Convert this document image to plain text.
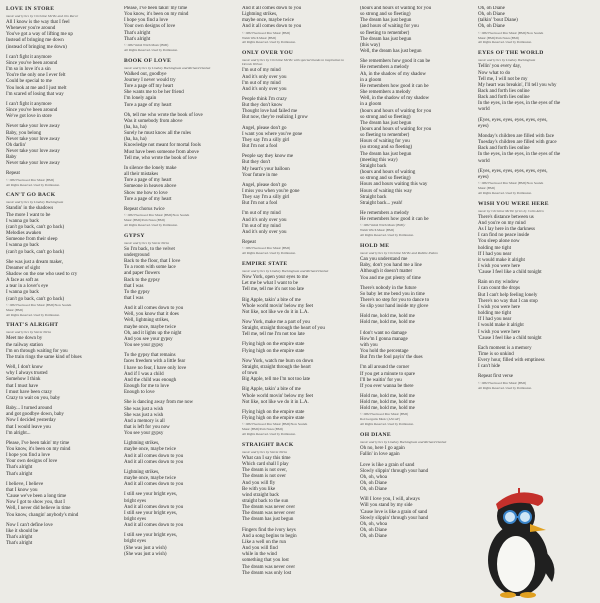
LOVE IN STORE
music and lyrics by Christine McVie and Jim Recor
All I know is the way that I feel
Whenever you're around
You've got a way of lifting me up
Instead of bringing me down
(instead of bringing me down)
I can't fight it anymore
Since you've been around
I'm so in love it's a sin
You're the only one I ever felt
Could be special to me
You look at me and I just melt
I'm scared of losing that way
I can't fight it anymore
Since you've been around
We've got love in store
Never take your love away
Baby, you belong
Never take your love away
Oh darlin'
Never take your love away
Baby
Never take your love away
Repeat
© 1982 Fleetwood Mac Music (BMI)
All Rights Reserved. Used by Permission.
CAN'T GO BACK
music and lyrics by Lindsey Buckingham
Standin' in the shadows
The more I want to be
I wanna go back
(can't go back, can't go back)
Melodies awaken
Someone from their sleep
I wanna go back
(can't go back, can't go back)
She was just a dream maker,
Dreamer of sight
Shadow on the one who used to cry
A face as soft as
a tear in a lover's eye
I wanna go back
(can't go back, can't go back)
© 1982 Fleetwood Mac Music (BMI)/Now Sounds
Music (BMI)
All Rights Reserved. Used by Permission.
THAT'S ALRIGHT
music and lyrics by Stevie Nicks
Meet me down by
the railway station
I'm on through waiting for you
The train rings the same kind of blues
Well, I don't know
why I always trusted
Somehow I think
that I must have
I must have been crazy
Crazy to wait on you, baby
Baby... I turned around
and got goodbye down, baby
Now I decided yesterday
that I would leave you
I'm alright...
Please, I've been takin' my time
You know, it's been on my mind
I hope you find a love
Your own designs of love
That's alright
That's alright
I believe, I believe
that I know you
'Cause we've been a long time
Now I got to show you, that I
Well, I never did believe in time
You know, changin' anybody's mind
Now I can't define love
like it should be
That's alright
That's alright
Please, I've been takin' my time
You know, it's been on my mind
I hope you find a love
Your own designs of love
That's alright
That's alright
© 1982 Welsh Witch Music (BMI)
All Rights Reserved. Used by Permission.
BOOK OF LOVE
music and lyrics by Lindsey Buckingham and Richard Dashut
Walked out, goodbye
Journey I never would try
Tore a page off my heart
She wants me to be her friend
I'm lonely again
Tore a page of my heart
Oh, tell me who wrote the book of love
Was it somebody from above
(ha, ha, ha)
Surely he must know all the rules
(ha, ha, ha)
Knowledge not meant for mortal fools
Must have been someone from above
Tell me, who wrote the book of love
In silence the lonely make
all their mistakes
Tore a page of my heart
Someone in heaven above
Show me how to love
Tore a page of my heart
Repeat chorus twice
© 1982 Fleetwood Mac Music (BMI)/Now Sounds
Music (BMI)/Pom Notes (BMI)
All Rights Reserved. Used by Permission.
GYPSY
music and lyrics by Stevie Nicks
So I'm back, to the velvet
underground
Back to the floor, that I love
To a room with some lace
and paper flowers
Back to the gypsy
that I was
To the gypsy
that I was
And it all comes down to you
Well, you know that it does
Well, lightning strikes,
maybe once, maybe twice
Oh, and it lights up the night
And you see your gypsy
You see your gypsy
To the gypsy that remains
faces freedom with a little fear
I have no fear, I have only love
And if I was a child
And the child was enough
Enough for me to love
Enough to love
She is dancing away from me now
She was just a wish
She was just a wish
And a memory is all
that is left for you now
You see your gypsy
Lightning strikes,
maybe once, maybe twice
And it all comes down to you
And it all comes down to you
Lightning strikes,
maybe once, maybe twice
And it all comes down to you
I still see your bright eyes,
bright eyes
And it all comes down to you
I still see your bright eyes,
bright eyes
And it all comes down to you
I still see your bright eyes,
bright eyes
(She was just a wish)
(She was just a wish)
And it all comes down to you
Lightning strikes,
maybe once, maybe twice
And it all comes down to you
© 1982 Fleetwood Mac Music (BMI)
Welsh Witch Music (BMI)
All Rights Reserved. Used by Permission.
ONLY OVER YOU
music and lyrics by Christine McVie with special thanks to inspiration to Dennis Wilson
I'm out of my mind
And it's only over you
I'm out of my mind
And it's only over you
People think I'm crazy
But they don't know
Thought love had failed me
But now, they're realizing I grow
Angel, please don't go
I want you where you've gone
They say I'm a silly girl
But I'm not a fool
People say they know me
But they don't
My heart's your balloon
Your future in me
Angel, please don't go
I miss you when you're gone
They say I'm a silly girl
But I'm not a fool
I'm out of my mind
And it's only over you
I'm out of my mind
And it's only over you
Repeat
© 1982 Fleetwood Mac Music (BMI)
All Rights Reserved. Used by Permission.
EMPIRE STATE
music and lyrics by Lindsey Buckingham and Richard Dashut
Now York, open your eyes to me
Let me be what I want to be
Tell me, tell me it's not too late
Big Apple, takin' a bite of me
Whole world movin' below my feet
Not like, not like we do it in L.A.
Now York, make me a part of you
Straight, straight through the heart of you
Tell me, tell me I'm not too late
Flying high on the empire state
Flying high on the empire state
Now York, watch me burn on down
Straight, straight through the heart
of town
Big Apple, tell me I'm not too late
Big Apple, takin' a bite of me
Whole world movin' below my feet
Not like, not like we do it in L.A.
Flying high on the empire state
Flying high on the empire state
© 1982 Fleetwood Mac Music (BMI)/Now Sounds
Music (BMI)/Pom Notes (BMI)
All Rights Reserved. Used by Permission.
STRAIGHT BACK
music and lyrics by Stevie Nicks
What can I say this time
Which card shall I play
The dream is not over,
The dream is not over
And you will fly
Be with you like
wind straight back
straight back to the sun
The dream was never over
The dream was never over
The dream has just begun
Fingers find the ivory keys
And a song begins to begin
Like a well on the run
And you will find
while in the wind
something that you lost
The dream was never over
The dream was only lost
(hours and hours of waiting for you
so strong and so fleeting)
The dream has just begun
(and hours of waiting for you
so fleeting to remember)
The dream has just begun
(this way)
Well, the dream has just begun
She remembers how good it can be
He remembers a melody
Ah, in the shadow of my shadow
in a gloom
He remembers how good it can be
She remembers a melody
Well, in the shadow of my shadow
in a gloom
(hours and hours of waiting for you
so strong and so fleeting)
The dream has just begun
(hours and hours of waiting for you
so fleeting to remember)
Hours of waiting for you
(so strong and so fleeting)
The dream has just begun
(meeting this way)
Straight back
(hours and hours of waiting
so strong and so fleeting)
Hours and hours waiting this way
Hours of waiting this way
Straight back
Straight back... yeah!
He remembers a melody
He remembers how good it can be
© 1982 Welsh Witch Music (BMI)/
Welsh Witch Music (BMI)
All Rights Reserved. Used by Permission.
HOLD ME
music and lyrics by Christine McVie and Robbie Patton
Can you understand me
Baby, don't you hand me a line
Although it doesn't matter
You and me got plenty of time
There's nobody in the future
So baby let me bend you in time
There's no step for you to dance to
So slip your hand inside my glove
Hold me, hold me, hold me
Hold me, hold me, hold me
I don't want no damage
How'm I gonna manage
with you
You hold the percentage
But I'm the fool payin' the dues
I'm all around the corner
If you get a minute to spare
I'll be waitin' for you
If you ever wanna be there
Hold me, hold me, hold me
Hold me, hold me, hold me
Hold me, hold me, hold me
© 1982 Fleetwood Mac Music (BMI)
Rod Gorgoms Music (ASCAP)
All Rights Reserved. Used by Permission.
OH DIANE
music and lyrics by Lindsey Buckingham and Richard Dashut
Oh no, here I go again
Fallin' in love again
Love is like a grain of sand
Slowly slippin' through your hand
Oh, oh, whoa
Oh, oh Diane
Oh, oh Diane
Will I love you, I will, always
Will you stand by my side
'Cause love is like a grain of sand
Slowly slippin' through your hand
Oh, oh, whoa
Oh, oh Diane
Oh, oh Diane
Oh, oh Diane
Oh, oh Diane
(talkin' 'bout Diane)
Oh, oh Diane
© 1982 Fleetwood Mac Music (BMI)/Now Sounds
Music (BMI)/Pom Notes (BMI)
All Rights Reserved. Used by Permission.
EYES OF THE WORLD
music and lyrics by Lindsey Buckingham
Tellin' you every day,
Now what to do
Tell me, I will not be my
My heart was breakin', I'll tell you why
Back and forth lies online
Back and forth lies online
In the eyes, in the eyes, in the eyes of the
world
(Eyes, eyes, eyes, eyes, eyes, eyes,
eyes)
Monday's children are filled with face
Tuesday's children are filled with grace
Back and forth lies online
In the eyes, in the eyes, in the eyes of the
world
(Eyes, eyes, eyes, eyes, eyes, eyes,
eyes)
© 1982 Fleetwood Mac Music (BMI)/Now Sounds
Music (BMI)
All Rights Reserved. Used by Permission.
WISH YOU WERE HERE
music by Christine McVie lyrics by Colin Allen
There's distance between us
And you're on my mind
As I lay here in the darkness
I can find no peace inside
You sleep alone now
holding me tight
If I had you near
it would make it alright
I wish you were here
'Cause I feel like a child tonight
Rain on my window
I can count the drops
But I can't help feeling lonely
There's no way that I can stop
I wish you were here
holding me tight
If I had you near
I would make it alright
I wish you were here
'Cause I feel like a child tonight
Each moment is a memory
Time is so unkind
Every hour, filled with emptiness
I can't hide
Repeat first verse
© 1982 Fleetwood Mac Music (BMI)
All Rights Reserved. Used by Permission.
